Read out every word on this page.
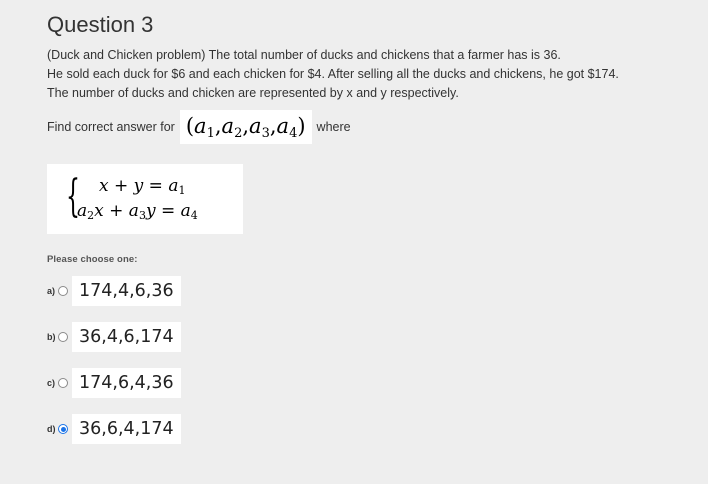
Question 3
(Duck and Chicken problem) The total number of ducks and chickens that a farmer has is 36.
He sold each duck for $6 and each chicken for $4. After selling all the ducks and chickens, he got $174.
The number of ducks and chicken are represented by x and y respectively.
Find correct answer for $(a_1,a_2,a_3,a_4)$ where
{ $x + y = a_1$
$a_2x + a_3y = a_4$
Please choose one:
a)	174,4,6,36
b)	36,4,6,174
c)	174,6,4,36
d)	36,6,4,174
